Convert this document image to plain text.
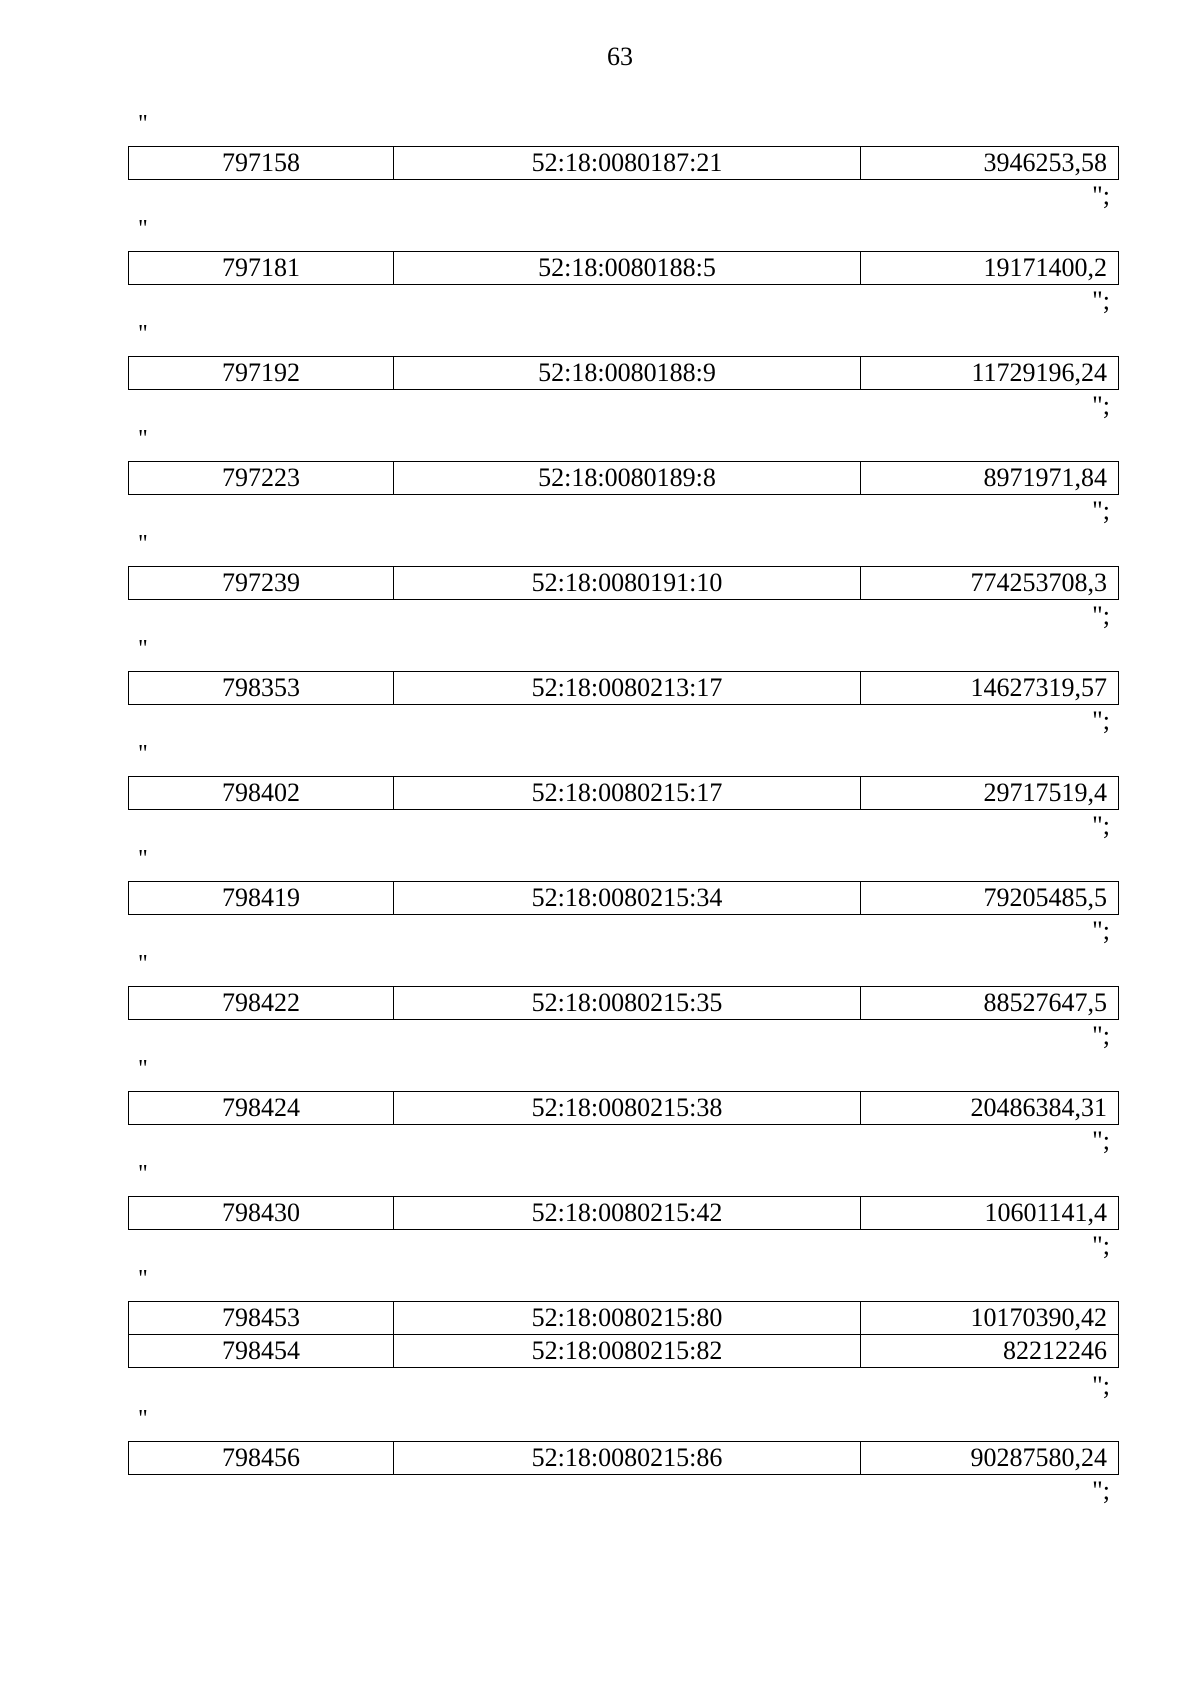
63
"
797158	52:18:0080187:21	3946253,58
";
"
797181	52:18:0080188:5	19171400,2
";
"
797192	52:18:0080188:9	11729196,24
";
"
797223	52:18:0080189:8	8971971,84
";
"
797239	52:18:0080191:10	774253708,3
";
"
798353	52:18:0080213:17	14627319,57
";
"
798402	52:18:0080215:17	29717519,4
";
"
798419	52:18:0080215:34	79205485,5
";
"
798422	52:18:0080215:35	88527647,5
";
"
798424	52:18:0080215:38	20486384,31
";
"
798430	52:18:0080215:42	10601141,4
";
"
798453	52:18:0080215:80	10170390,42
798454	52:18:0080215:82	82212246
";
"
798456	52:18:0080215:86	90287580,24
";
